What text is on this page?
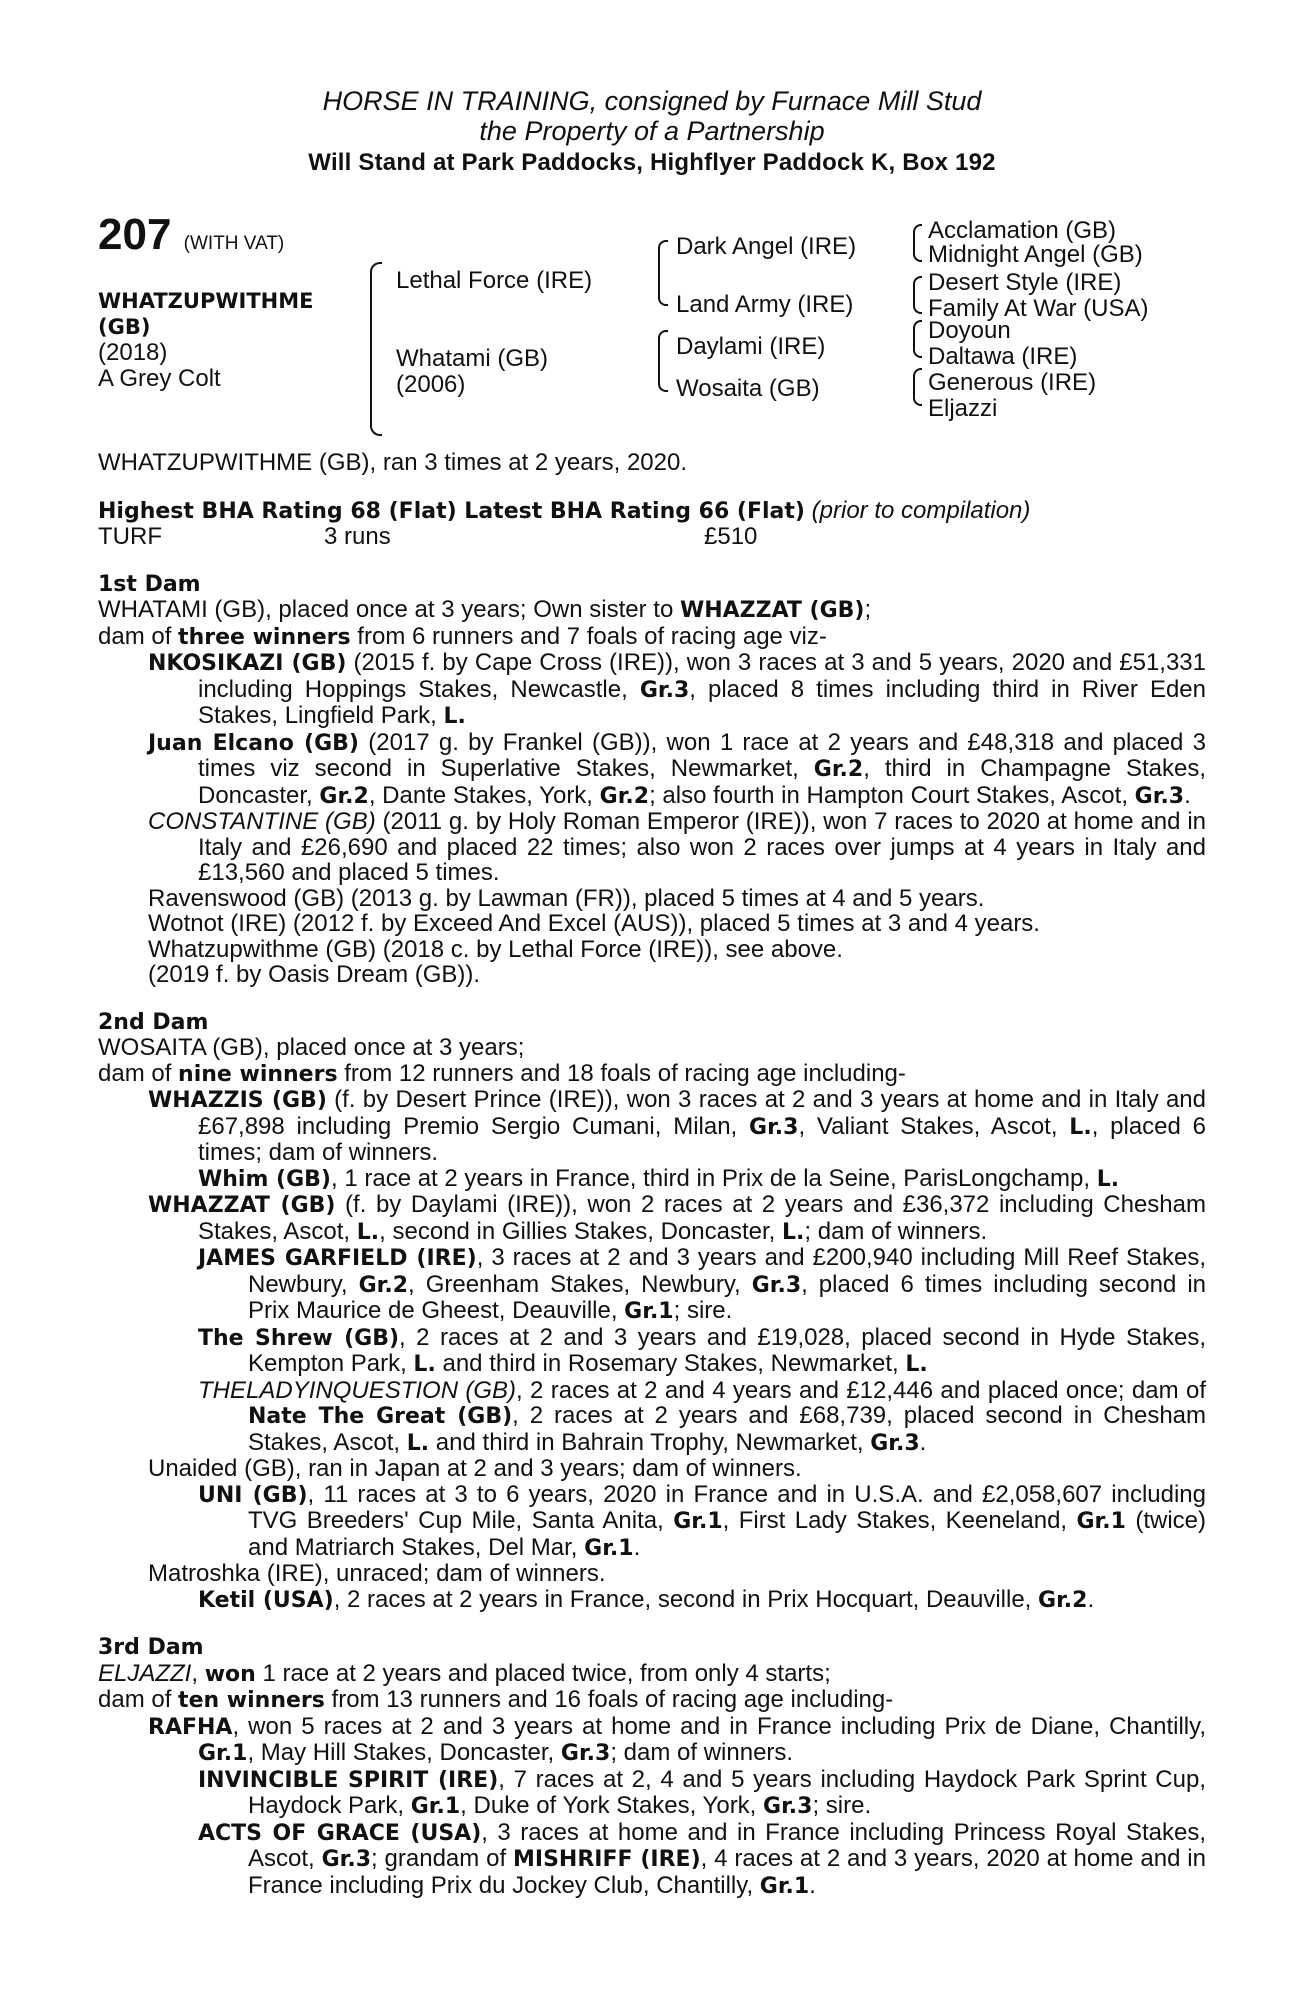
HORSE IN TRAINING, consigned by Furnace Mill Stud
the Property of a Partnership
Will Stand at Park Paddocks, Highflyer Paddock K, Box 192
207 (WITH VAT)
WHATZUPWITHME
(GB)
(2018)
A Grey Colt
Lethal Force (IRE)
Whatami (GB)
(2006)
Dark Angel (IRE)
Land Army (IRE)
Daylami (IRE)
Wosaita (GB)
Acclamation (GB)
Midnight Angel (GB)
Desert Style (IRE)
Family At War (USA)
Doyoun
Daltawa (IRE)
Generous (IRE)
Eljazzi
WHATZUPWITHME (GB), ran 3 times at 2 years, 2020.

Highest BHA Rating 68 (Flat) Latest BHA Rating 66 (Flat) (prior to compilation)

TURF	3 runs	£510

1st Dam

WHATAMI (GB), placed once at 3 years; Own sister to WHAZZAT (GB);

dam of three winners from 6 runners and 7 foals of racing age viz-

NKOSIKAZI (GB) (2015 f. by Cape Cross (IRE)), won 3 races at 3 and 5 years, 2020 and £51,331 including Hoppings Stakes, Newcastle, Gr.3, placed 8 times including third in River Eden Stakes, Lingfield Park, L.

Juan Elcano (GB) (2017 g. by Frankel (GB)), won 1 race at 2 years and £48,318 and placed 3 times viz second in Superlative Stakes, Newmarket, Gr.2, third in Champagne Stakes, Doncaster, Gr.2, Dante Stakes, York, Gr.2; also fourth in Hampton Court Stakes, Ascot, Gr.3.

CONSTANTINE (GB) (2011 g. by Holy Roman Emperor (IRE)), won 7 races to 2020 at home and in Italy and £26,690 and placed 22 times; also won 2 races over jumps at 4 years in Italy and £13,560 and placed 5 times.

Ravenswood (GB) (2013 g. by Lawman (FR)), placed 5 times at 4 and 5 years.

Wotnot (IRE) (2012 f. by Exceed And Excel (AUS)), placed 5 times at 3 and 4 years.

Whatzupwithme (GB) (2018 c. by Lethal Force (IRE)), see above.

(2019 f. by Oasis Dream (GB)).

2nd Dam

WOSAITA (GB), placed once at 3 years;

dam of nine winners from 12 runners and 18 foals of racing age including-

WHAZZIS (GB) (f. by Desert Prince (IRE)), won 3 races at 2 and 3 years at home and in Italy and £67,898 including Premio Sergio Cumani, Milan, Gr.3, Valiant Stakes, Ascot, L., placed 6 times; dam of winners.

Whim (GB), 1 race at 2 years in France, third in Prix de la Seine, ParisLongchamp, L.

WHAZZAT (GB) (f. by Daylami (IRE)), won 2 races at 2 years and £36,372 including Chesham Stakes, Ascot, L., second in Gillies Stakes, Doncaster, L.; dam of winners.

JAMES GARFIELD (IRE), 3 races at 2 and 3 years and £200,940 including Mill Reef Stakes, Newbury, Gr.2, Greenham Stakes, Newbury, Gr.3, placed 6 times including second in Prix Maurice de Gheest, Deauville, Gr.1; sire.

The Shrew (GB), 2 races at 2 and 3 years and £19,028, placed second in Hyde Stakes, Kempton Park, L. and third in Rosemary Stakes, Newmarket, L.

THELADYINQUESTION (GB), 2 races at 2 and 4 years and £12,446 and placed once; dam of Nate The Great (GB), 2 races at 2 years and £68,739, placed second in Chesham Stakes, Ascot, L. and third in Bahrain Trophy, Newmarket, Gr.3.

Unaided (GB), ran in Japan at 2 and 3 years; dam of winners.

UNI (GB), 11 races at 3 to 6 years, 2020 in France and in U.S.A. and £2,058,607 including TVG Breeders' Cup Mile, Santa Anita, Gr.1, First Lady Stakes, Keeneland, Gr.1 (twice) and Matriarch Stakes, Del Mar, Gr.1.

Matroshka (IRE), unraced; dam of winners.

Ketil (USA), 2 races at 2 years in France, second in Prix Hocquart, Deauville, Gr.2.

3rd Dam

ELJAZZI, won 1 race at 2 years and placed twice, from only 4 starts;

dam of ten winners from 13 runners and 16 foals of racing age including-

RAFHA, won 5 races at 2 and 3 years at home and in France including Prix de Diane, Chantilly, Gr.1, May Hill Stakes, Doncaster, Gr.3; dam of winners.

INVINCIBLE SPIRIT (IRE), 7 races at 2, 4 and 5 years including Haydock Park Sprint Cup, Haydock Park, Gr.1, Duke of York Stakes, York, Gr.3; sire.

ACTS OF GRACE (USA), 3 races at home and in France including Princess Royal Stakes, Ascot, Gr.3; grandam of MISHRIFF (IRE), 4 races at 2 and 3 years, 2020 at home and in France including Prix du Jockey Club, Chantilly, Gr.1.
